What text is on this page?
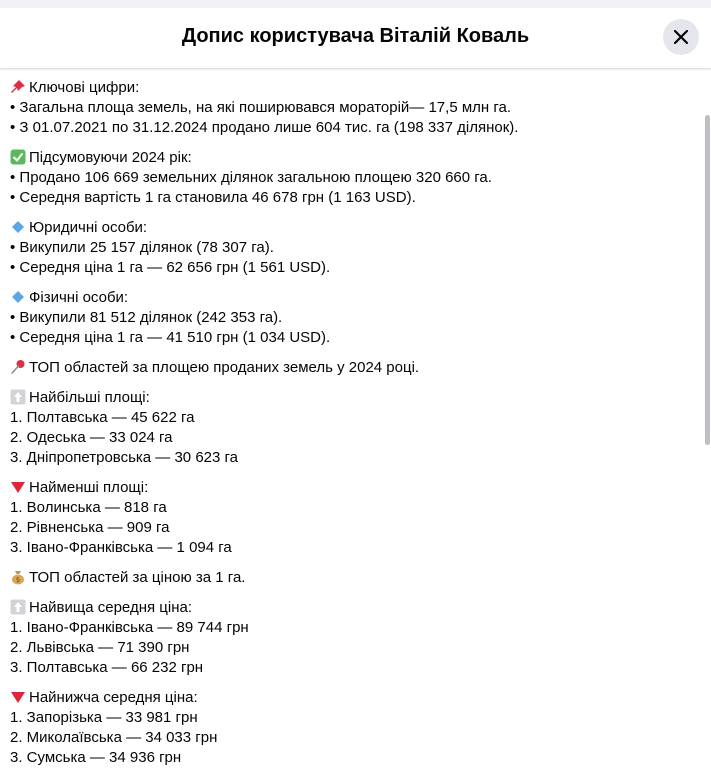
Допис користувача Віталій Коваль
Ключові цифри:
• Загальна площа земель, на які поширювався мораторій— 17,5 млн га.
• З 01.07.2021 по 31.12.2024 продано лише 604 тис. га (198 337 ділянок).
Підсумовуючи 2024 рік:
• Продано 106 669 земельних ділянок загальною площею 320 660 га.
• Середня вартість 1 га становила 46 678 грн (1 163 USD).
Юридичні особи:
• Викупили 25 157 ділянок (78 307 га).
• Середня ціна 1 га — 62 656 грн (1 561 USD).
Фізичні особи:
• Викупили 81 512 ділянок (242 353 га).
• Середня ціна 1 га — 41 510 грн (1 034 USD).
ТОП областей за площею проданих земель у 2024 році.
Найбільші площі:
1. Полтавська — 45 622 га
2. Одеська — 33 024 га
3. Дніпропетровська — 30 623 га
Найменші площі:
1. Волинська — 818 га
2. Рівненська — 909 га
3. Івано-Франківська — 1 094 га
$ ТОП областей за ціною за 1 га.
Найвища середня ціна:
1. Івано-Франківська — 89 744 грн
2. Львівська — 71 390 грн
3. Полтавська — 66 232 грн
Найнижча середня ціна:
1. Запорізька — 33 981 грн
2. Миколаївська — 34 033 грн
3. Сумська — 34 936 грн
